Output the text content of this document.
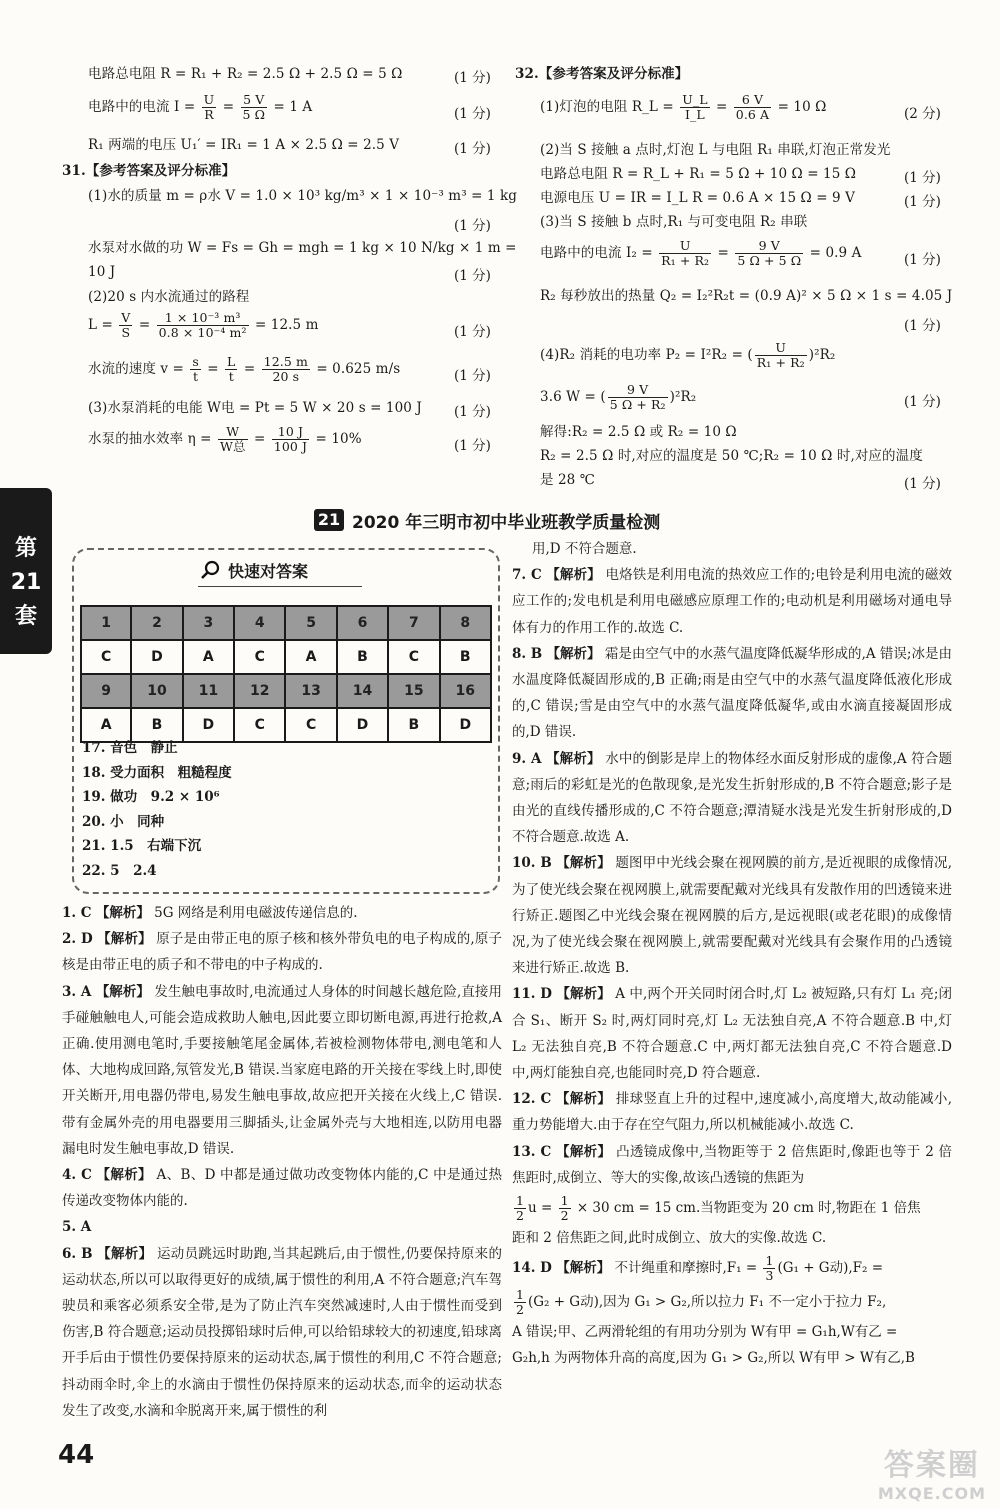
电路总电阻 R = R₁ + R₂ = 2.5 Ω + 2.5 Ω = 5 Ω	(1 分)
电路中的电流 $I = \frac{U}{R} = \frac{5 V}{5 \Omega} = 1$ A	(1 分)
R₁ 两端的电压 U₁′ = IR₁ = 1 A × 2.5 Ω = 2.5 V	(1 分)
31.【参考答案及评分标准】
(1)水的质量 m = ρ水 V = 1.0 × 10³ kg/m³ × 1 × 10⁻³ m³ = 1 kg
(1 分)
水泵对水做的功 W = Fs = Gh = mgh = 1 kg × 10 N/kg × 1 m =
10 J	(1 分)
(2)20 s 内水流通过的路程
$L = \frac{V}{S} = \frac{\text{1 × 10⁻³ m³}}{\text{0.8 × 10⁻⁴ m²}} = 12.5$ m	(1 分)
水流的速度 $v = \frac{s}{t} = \frac{L}{t} = \frac{12.5 m}{20 s} = 0.625$ m/s	(1 分)
(3)水泵消耗的电能 W电 = Pt = 5 W × 20 s = 100 J (1 分)
水泵的抽水效率 $\eta = \frac{W}{\text{W总}} = \frac{10 J}{100 J} = 10\%$	(1 分)
32.【参考答案及评分标准】
(1)灯泡的电阻 R_L = $\frac{U\_L}{I\_L} = \frac{6 V}{0.6 A} = 10$ Ω	(2 分)
(2)当 S 接触 a 点时,灯泡 L 与电阻 R₁ 串联,灯泡正常发光
电路总电阻 R = R_L + R₁ = 5 Ω + 10 Ω = 15 Ω	(1 分)
电源电压 U = IR = I_L R = 0.6 A × 15 Ω = 9 V	(1 分)
(3)当 S 接触 b 点时,R₁ 与可变电阻 R₂ 串联
电路中的电流 $I_2 = \frac{U}{\text{R₁ + R₂}} = \frac{9 V}{5 \Omega + 5 \Omega} = 0.9$ A	(1 分)
R₂ 每秒放出的热量 Q₂ = I₂²R₂t = (0.9 A)² × 5 Ω × 1 s = 4.05 J
(1 分)
(4)R₂ 消耗的电功率 P₂ = I²R₂ = ( $\frac{U}{\text{R₁ + R₂}} )^2R_2$
3.6 W = ( $\frac{9 V}{\text{5 Ω + R₂}} )^2R_2$	(1 分)
解得:R₂ = 2.5 Ω 或 R₂ = 10 Ω
R₂ = 2.5 Ω 时,对应的温度是 50 ℃;R₂ = 10 Ω 时,对应的温度
是 28 ℃	(1 分)
第
21
套
21 2020 年三明市初中毕业班教学质量检测
快速对答案
1	2	3	4	5	6	7	8
C	D	A	C	A	B	C	B
9	10	11	12	13	14	15	16
A	B	D	C	C	D	B	D
17. 音色　静止
18. 受力面积　粗糙程度
19. 做功　9.2 × 10⁶
20. 小　同种
21. 1.5　右端下沉
22. 5　2.4
1. C 【解析】 5G 网络是利用电磁波传递信息的.
2. D 【解析】 原子是由带正电的原子核和核外带负电的电子构成的,原子核是由带正电的质子和不带电的中子构成的.
3. A 【解析】 发生触电事故时,电流通过人身体的时间越长越危险,直接用手碰触触电人,可能会造成救助人触电,因此要立即切断电源,再进行抢救,A 正确.使用测电笔时,手要接触笔尾金属体,若被检测物体带电,测电笔和人体、大地构成回路,氖管发光,B 错误.当家庭电路的开关接在零线上时,即使开关断开,用电器仍带电,易发生触电事故,故应把开关接在火线上,C 错误.带有金属外壳的用电器要用三脚插头,让金属外壳与大地相连,以防用电器漏电时发生触电事故,D 错误.
4. C 【解析】 A、B、D 中都是通过做功改变物体内能的,C 中是通过热传递改变物体内能的.
5. A
6. B 【解析】 运动员跳远时助跑,当其起跳后,由于惯性,仍要保持原来的运动状态,所以可以取得更好的成绩,属于惯性的利用,A 不符合题意;汽车驾驶员和乘客必须系安全带,是为了防止汽车突然减速时,人由于惯性而受到伤害,B 符合题意;运动员投掷铅球时后伸,可以给铅球较大的初速度,铅球离开手后由于惯性仍要保持原来的运动状态,属于惯性的利用,C 不符合题意;抖动雨伞时,伞上的水滴由于惯性仍保持原来的运动状态,而伞的运动状态发生了改变,水滴和伞脱离开来,属于惯性的利
用,D 不符合题意.
7. C 【解析】 电烙铁是利用电流的热效应工作的;电铃是利用电流的磁效应工作的;发电机是利用电磁感应原理工作的;电动机是利用磁场对通电导体有力的作用工作的.故选 C.
8. B 【解析】 霜是由空气中的水蒸气温度降低凝华形成的,A 错误;冰是由水温度降低凝固形成的,B 正确;雨是由空气中的水蒸气温度降低液化形成的,C 错误;雪是由空气中的水蒸气温度降低凝华,或由水滴直接凝固形成的,D 错误.
9. A 【解析】 水中的倒影是岸上的物体经水面反射形成的虚像,A 符合题意;雨后的彩虹是光的色散现象,是光发生折射形成的,B 不符合题意;影子是由光的直线传播形成的,C 不符合题意;潭清疑水浅是光发生折射形成的,D 不符合题意.故选 A.
10. B 【解析】 题图甲中光线会聚在视网膜的前方,是近视眼的成像情况,为了使光线会聚在视网膜上,就需要配戴对光线具有发散作用的凹透镜来进行矫正.题图乙中光线会聚在视网膜的后方,是远视眼(或老花眼)的成像情况,为了使光线会聚在视网膜上,就需要配戴对光线具有会聚作用的凸透镜来进行矫正.故选 B.
11. D 【解析】 A 中,两个开关同时闭合时,灯 L₂ 被短路,只有灯 L₁ 亮;闭合 S₁、断开 S₂ 时,两灯同时亮,灯 L₂ 无法独自亮,A 不符合题意.B 中,灯 L₂ 无法独自亮,B 不符合题意.C 中,两灯都无法独自亮,C 不符合题意.D 中,两灯能独自亮,也能同时亮,D 符合题意.
12. C 【解析】 排球竖直上升的过程中,速度减小,高度增大,故动能减小,重力势能增大.由于存在空气阻力,所以机械能减小.故选 C.
13. C 【解析】 凸透镜成像中,当物距等于 2 倍焦距时,像距也等于 2 倍焦距时,成倒立、等大的实像,故该凸透镜的焦距为
$\frac{1}{2}$ $u = \frac{1}{2} \times 30$ cm = 15 cm.当物距变为 20 cm 时,物距在 1 倍焦
距和 2 倍焦距之间,此时成倒立、放大的实像.故选 C.
14. D 【解析】 不计绳重和摩擦时$,F_1 = \frac{1}{3} (G_1 + G$动),F₂ =
$\frac{1}{2} (G_2 + G$动),因为 G₁ > G₂,所以拉力 F₁ 不一定小于拉力 F₂,
A 错误;甲、乙两滑轮组的有用功分别为 W有甲 = G₁h,W有乙 =
G₂h,h 为两物体升高的高度,因为 G₁ > G₂,所以 W有甲 > W有乙,B
44	答案圈
MXQE.COM
